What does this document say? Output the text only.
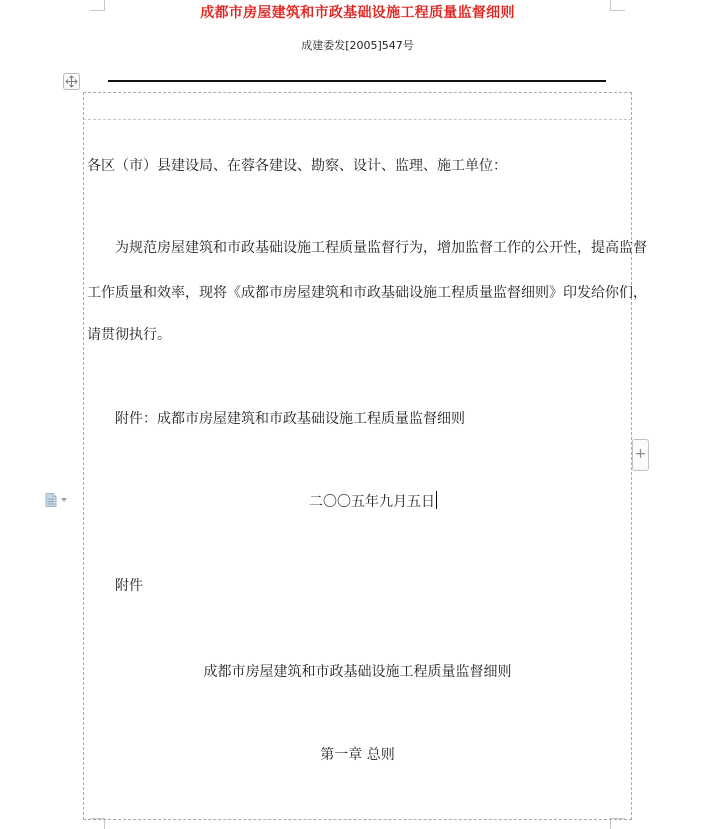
成都市房屋建筑和市政基础设施工程质量监督细则
成建委发[2005]547号
各区（市）县建设局、在蓉各建设、勘察、设计、监理、施工单位：
为规范房屋建筑和市政基础设施工程质量监督行为，增加监督工作的公开性，提高监督
工作质量和效率，现将《成都市房屋建筑和市政基础设施工程质量监督细则》印发给你们，
请贯彻执行。
附件：成都市房屋建筑和市政基础设施工程质量监督细则
二〇〇五年九月五日
附件
成都市房屋建筑和市政基础设施工程质量监督细则
第一章 总则
+
